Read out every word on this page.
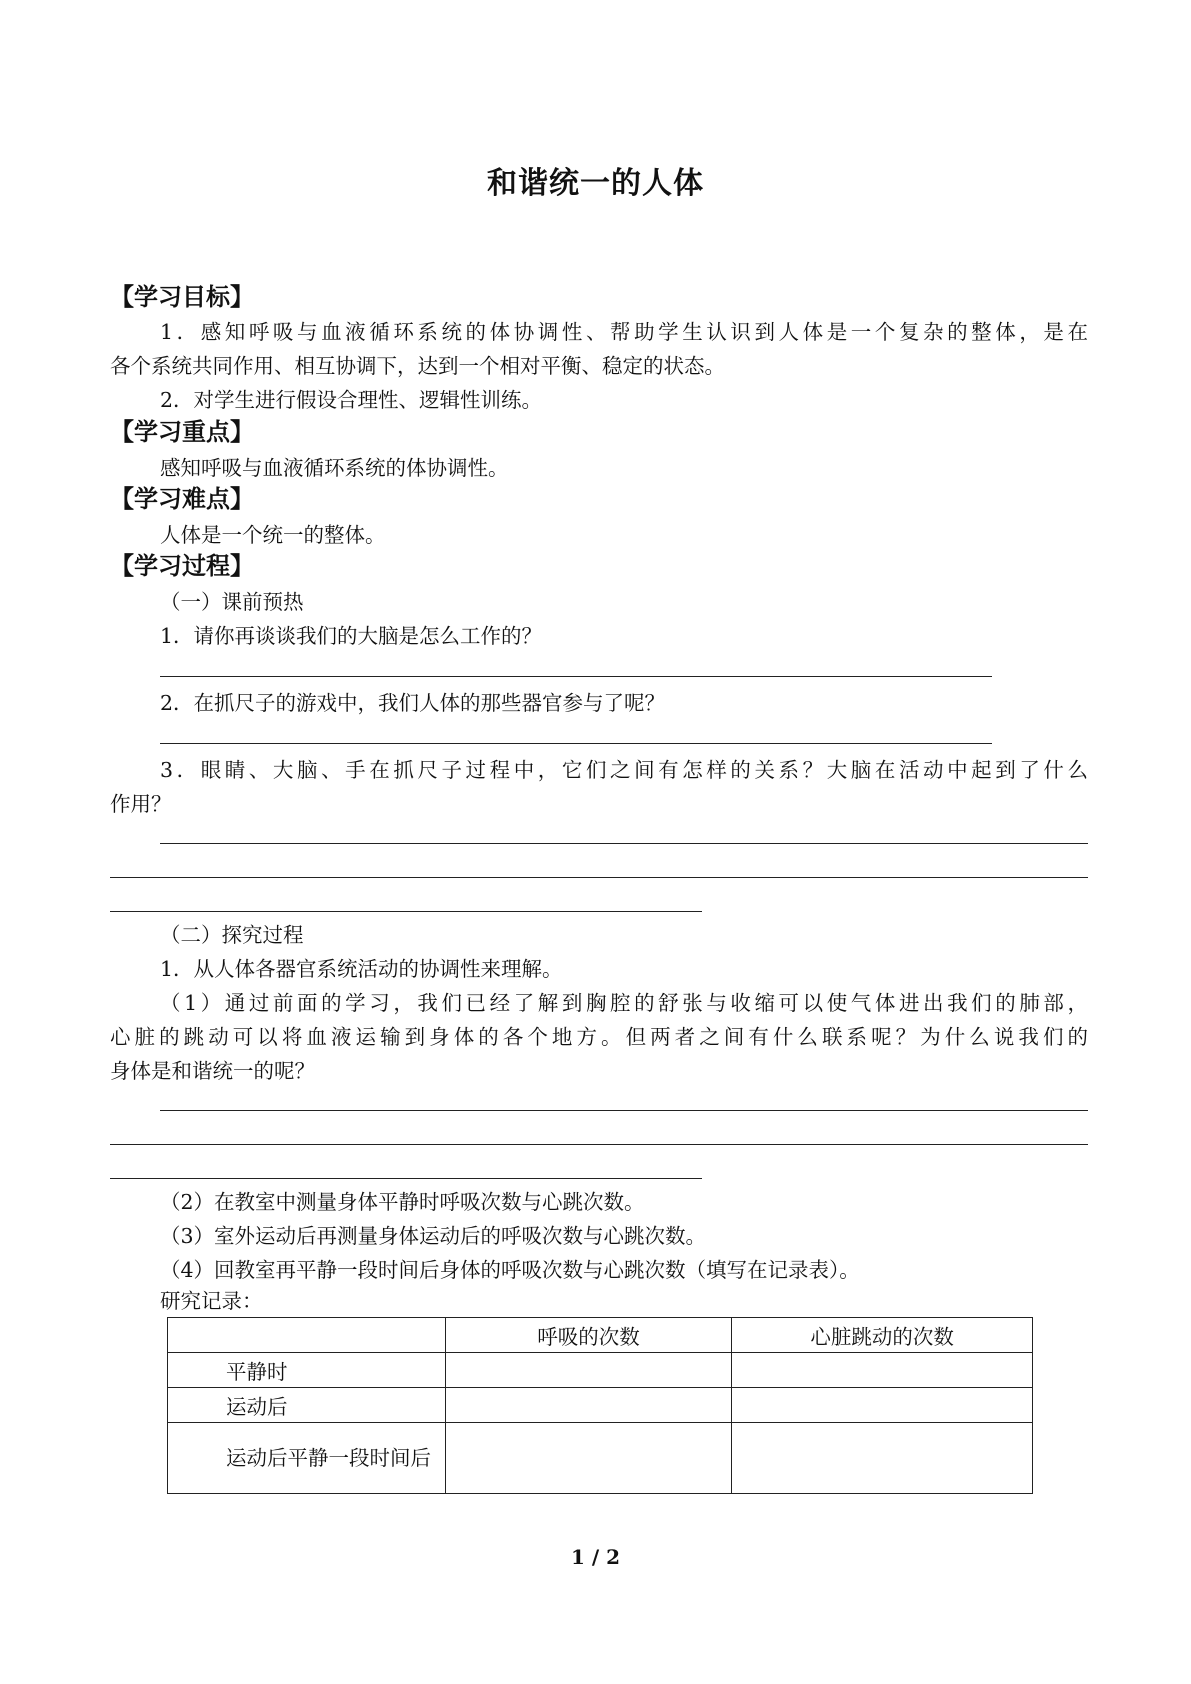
和谐统一的人体
【学习目标】
1．感知呼吸与血液循环系统的体协调性、帮助学生认识到人体是一个复杂的整体，是在
各个系统共同作用、相互协调下，达到一个相对平衡、稳定的状态。
2．对学生进行假设合理性、逻辑性训练。
【学习重点】
感知呼吸与血液循环系统的体协调性。
【学习难点】
人体是一个统一的整体。
【学习过程】
（一）课前预热
1．请你再谈谈我们的大脑是怎么工作的？
2．在抓尺子的游戏中，我们人体的那些器官参与了呢？
3．眼睛、大脑、手在抓尺子过程中，它们之间有怎样的关系？大脑在活动中起到了什么
作用？
（二）探究过程
1．从人体各器官系统活动的协调性来理解。
（1）通过前面的学习，我们已经了解到胸腔的舒张与收缩可以使气体进出我们的肺部，
心脏的跳动可以将血液运输到身体的各个地方。但两者之间有什么联系呢？为什么说我们的
身体是和谐统一的呢？
（2）在教室中测量身体平静时呼吸次数与心跳次数。
（3）室外运动后再测量身体运动后的呼吸次数与心跳次数。
（4）回教室再平静一段时间后身体的呼吸次数与心跳次数（填写在记录表）。
研究记录：
	呼吸的次数	心脏跳动的次数
平静时		
运动后		

运动后平静一段时间后		

1 / 2
